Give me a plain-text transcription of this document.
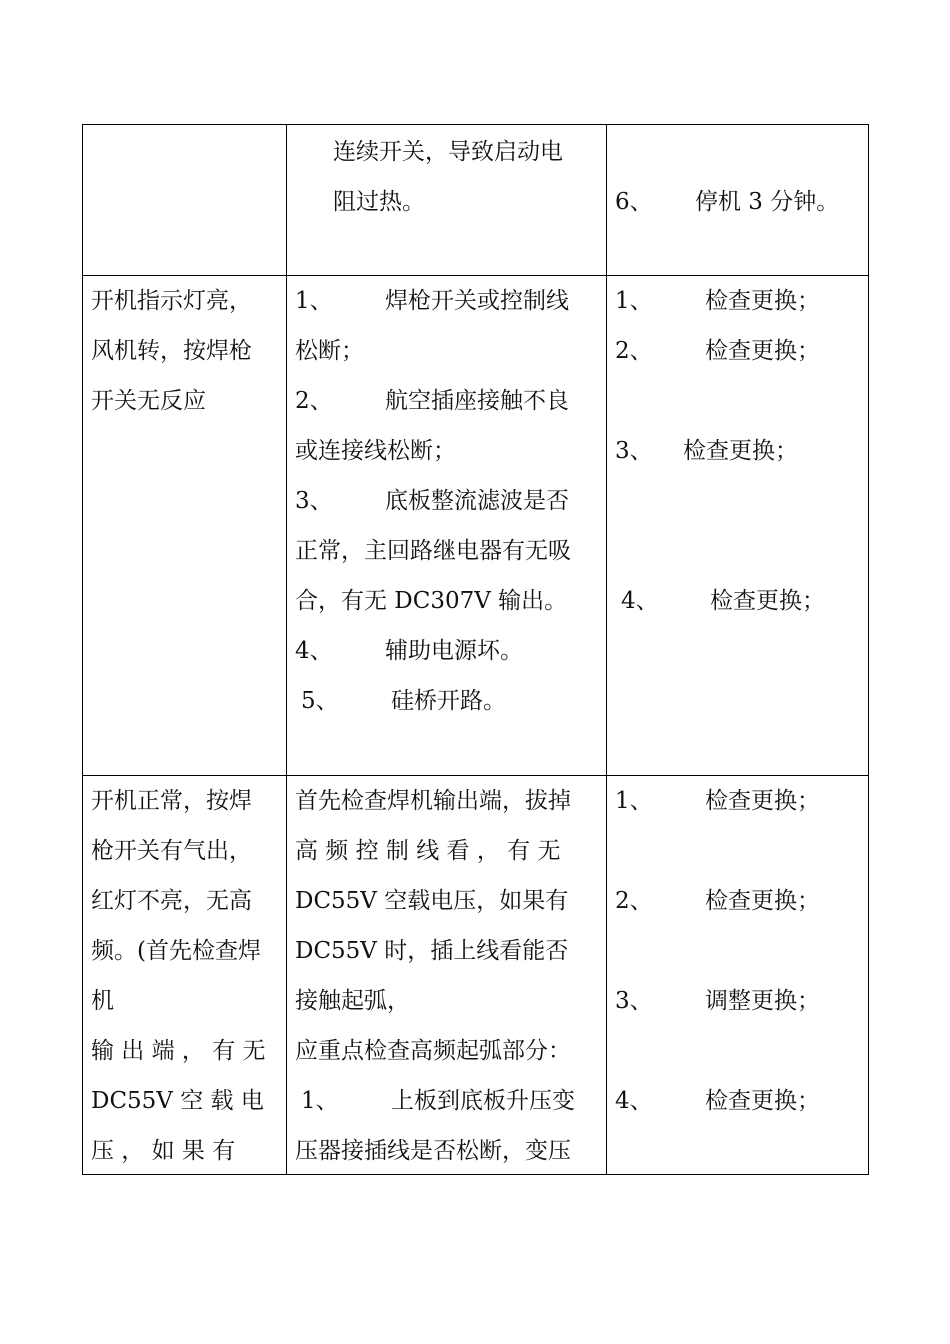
连续开关，导致启动电
阻过热。	6、 停机 3 分钟。
开机指示灯亮，
风机转，按焊枪
开关无反应
1、 焊枪开关或控制线
松断；
2、 航空插座接触不良
或连接线松断；
3、 底板整流滤波是否
正常，主回路继电器有无吸
合，有无 DC307V 输出。
4、 辅助电源坏。
5、 硅桥开路。
1、 检查更换；
2、 检查更换；
3、 检查更换；
4、 检查更换；
开机正常，按焊
枪开关有气出，
红灯不亮，无高
频。(首先检查焊
机
输 出 端 ， 有 无
DC55V 空 载 电
压 ， 如 果 有
首先检查焊机输出端，拔掉
高 频 控 制 线 看 ， 有 无
DC55V 空载电压，如果有
DC55V 时，插上线看能否
接触起弧，
应重点检查高频起弧部分：
1、 上板到底板升压变
压器接插线是否松断，变压
1、 检查更换；
2、 检查更换；
3、 调整更换；
4、 检查更换；
